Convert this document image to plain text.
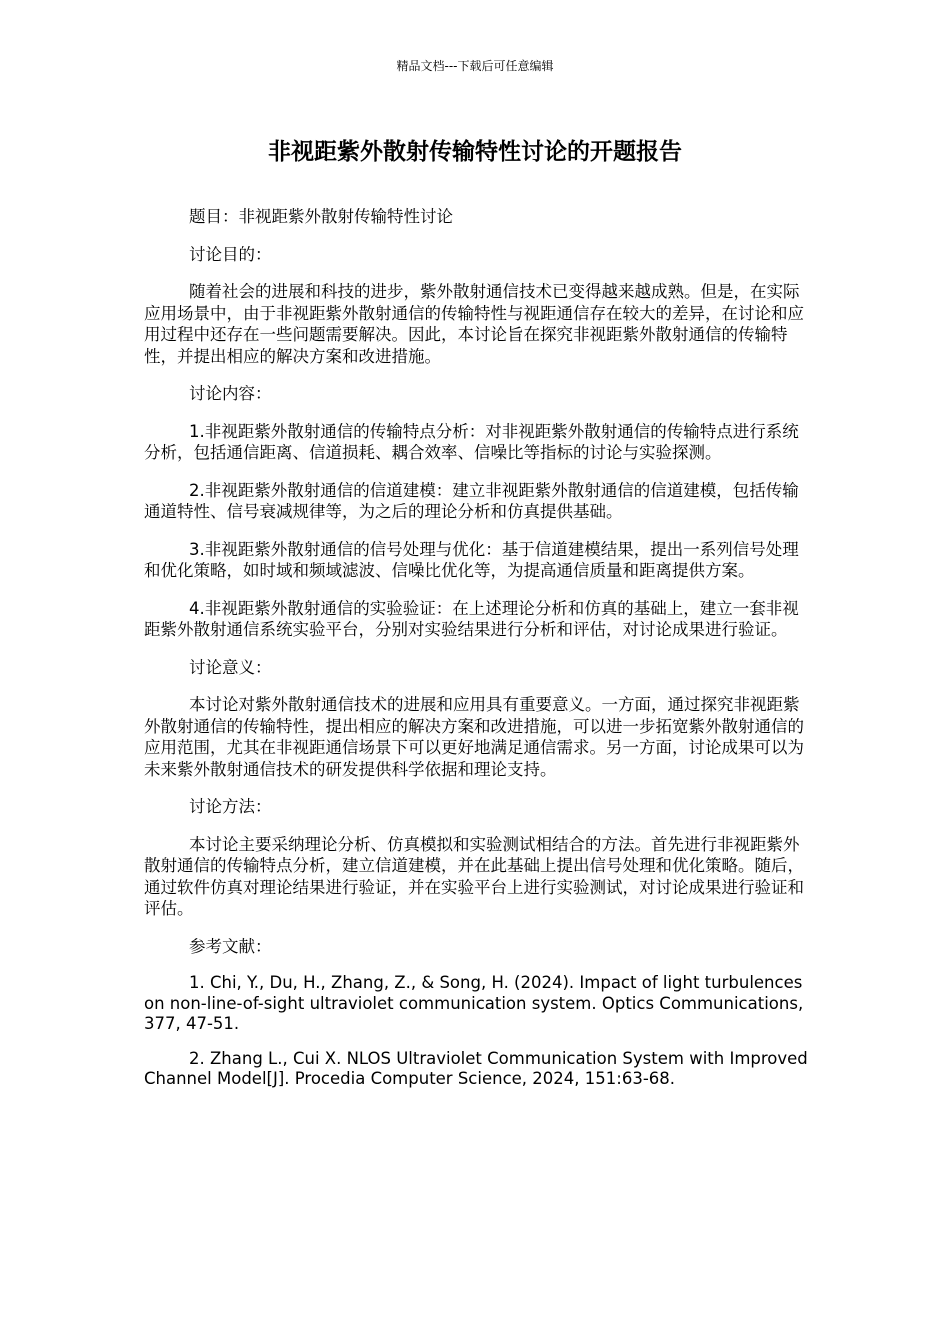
精品文档---下载后可任意编辑
非视距紫外散射传输特性讨论的开题报告

题目：非视距紫外散射传输特性讨论

讨论目的：

随着社会的进展和科技的进步，紫外散射通信技术已变得越来越成熟。但是，在实际应用场景中，由于非视距紫外散射通信的传输特性与视距通信存在较大的差异，在讨论和应用过程中还存在一些问题需要解决。因此，本讨论旨在探究非视距紫外散射通信的传输特性，并提出相应的解决方案和改进措施。

讨论内容：

1.非视距紫外散射通信的传输特点分析：对非视距紫外散射通信的传输特点进行系统分析，包括通信距离、信道损耗、耦合效率、信噪比等指标的讨论与实验探测。

2.非视距紫外散射通信的信道建模：建立非视距紫外散射通信的信道建模，包括传输通道特性、信号衰减规律等，为之后的理论分析和仿真提供基础。

3.非视距紫外散射通信的信号处理与优化：基于信道建模结果，提出一系列信号处理和优化策略，如时域和频域滤波、信噪比优化等，为提高通信质量和距离提供方案。

4.非视距紫外散射通信的实验验证：在上述理论分析和仿真的基础上，建立一套非视距紫外散射通信系统实验平台，分别对实验结果进行分析和评估，对讨论成果进行验证。

讨论意义：

本讨论对紫外散射通信技术的进展和应用具有重要意义。一方面，通过探究非视距紫外散射通信的传输特性，提出相应的解决方案和改进措施，可以进一步拓宽紫外散射通信的应用范围，尤其在非视距通信场景下可以更好地满足通信需求。另一方面，讨论成果可以为未来紫外散射通信技术的研发提供科学依据和理论支持。

讨论方法：

本讨论主要采纳理论分析、仿真模拟和实验测试相结合的方法。首先进行非视距紫外散射通信的传输特点分析，建立信道建模，并在此基础上提出信号处理和优化策略。随后，通过软件仿真对理论结果进行验证，并在实验平台上进行实验测试，对讨论成果进行验证和评估。

参考文献：

1. Chi, Y., Du, H., Zhang, Z., & Song, H. (2024). Impact of light turbulences on non-line-of-sight ultraviolet communication system. Optics Communications, 377, 47-51.

2. Zhang L., Cui X. NLOS Ultraviolet Communication System with Improved Channel Model[J]. Procedia Computer Science, 2024, 151:63-68.
